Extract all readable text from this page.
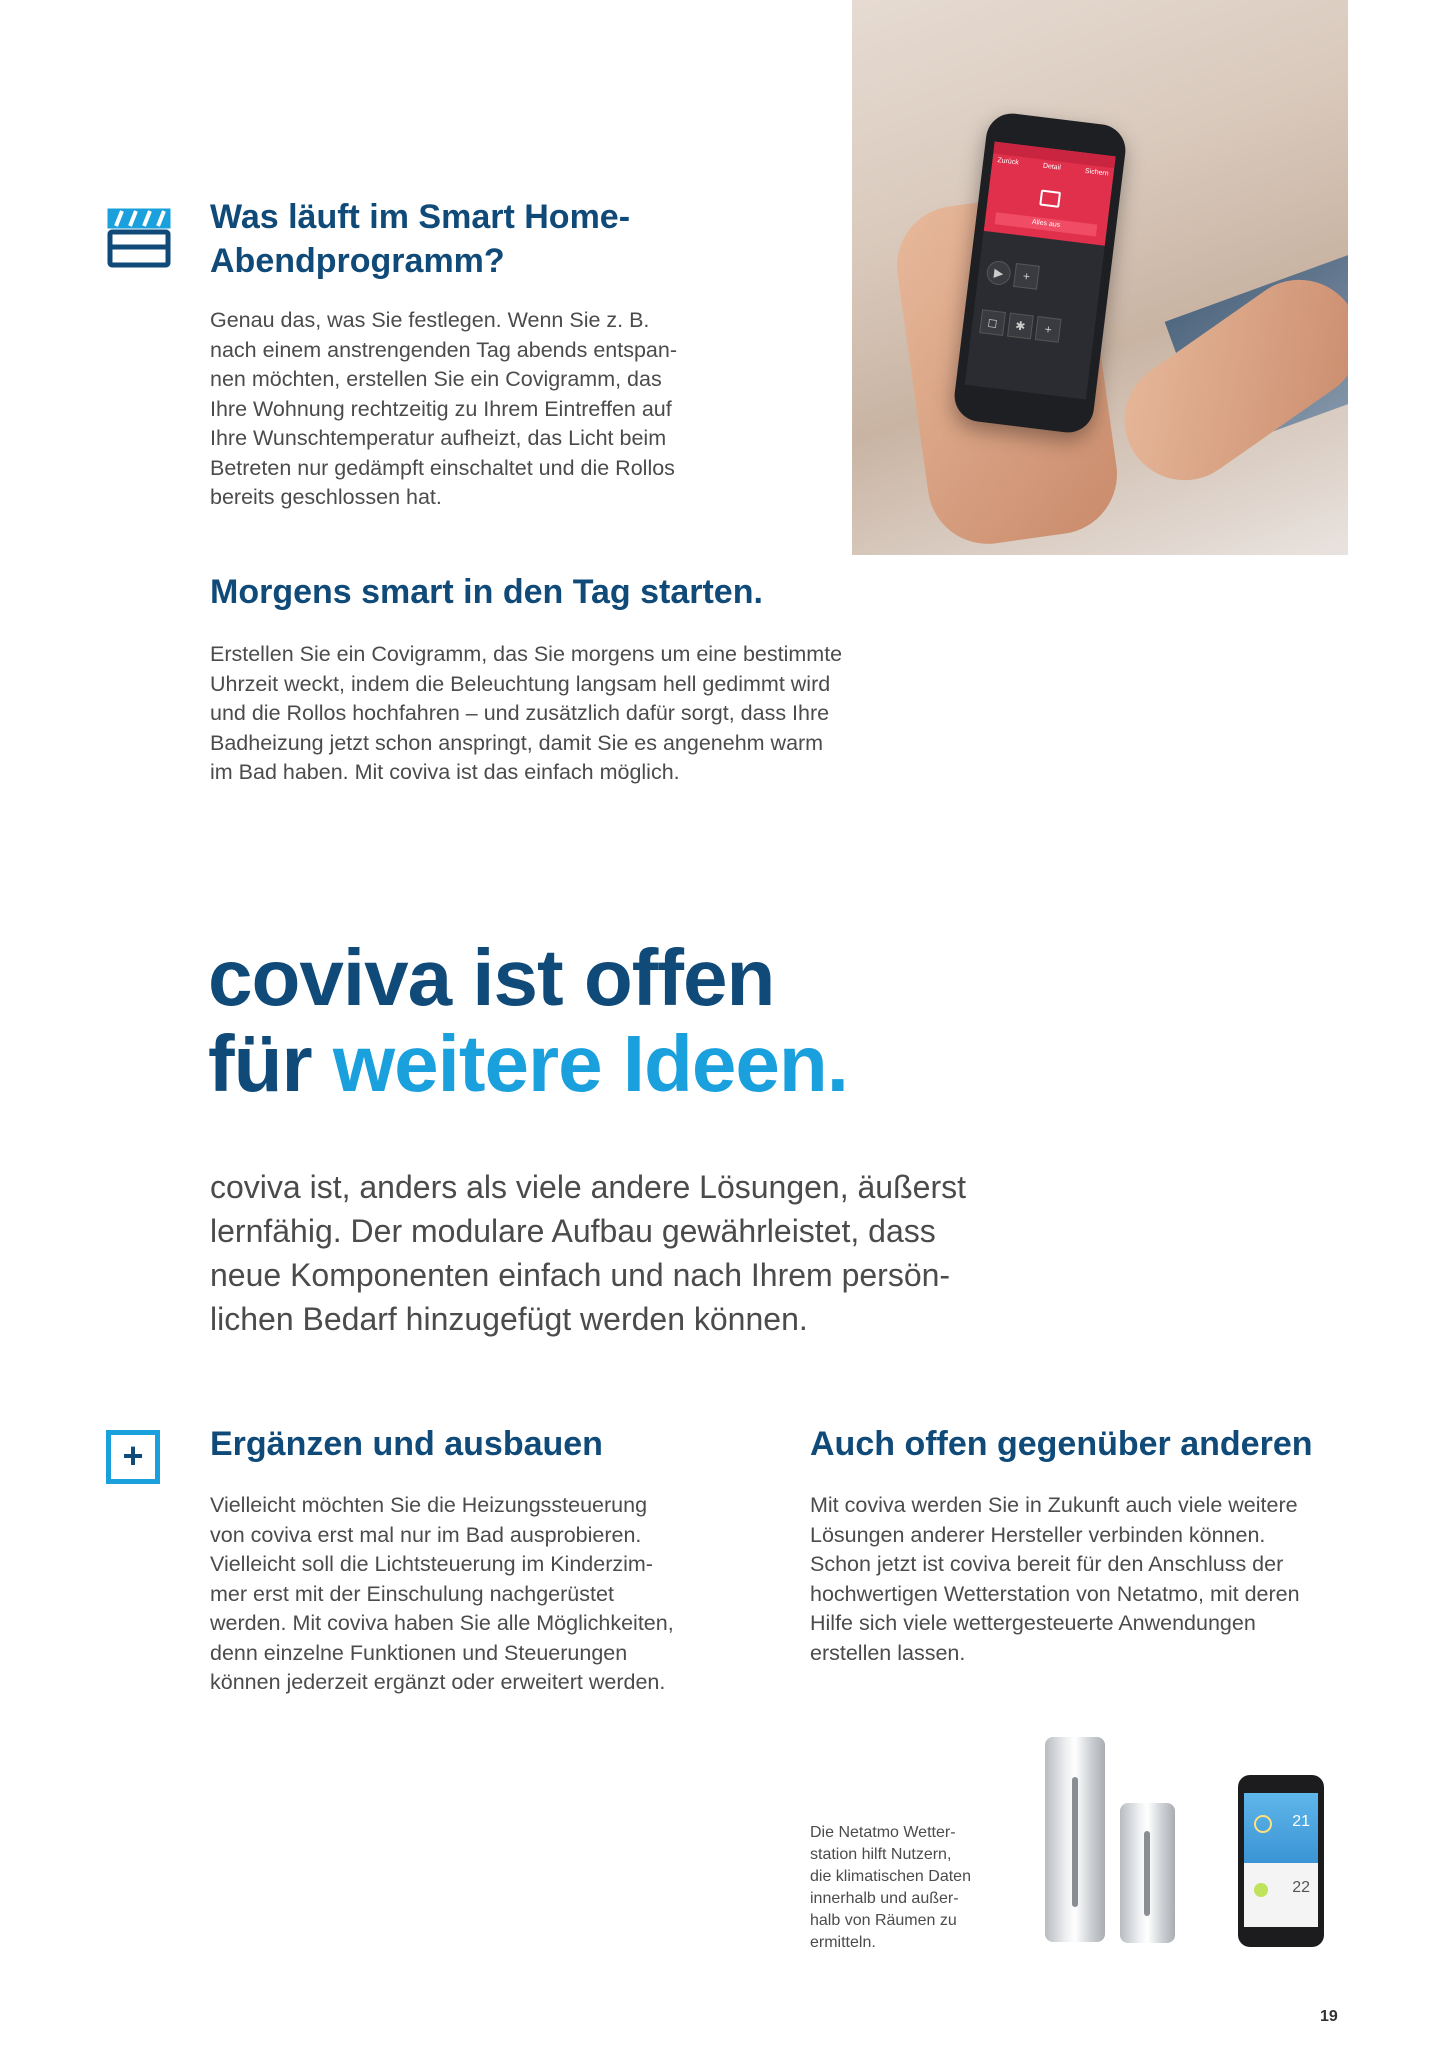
Was läuft im Smart Home-
Abendprogramm?

Genau das, was Sie festlegen. Wenn Sie z. B.

nach einem anstrengenden Tag abends entspan-

nen möchten, erstellen Sie ein Covigramm, das

Ihre Wohnung rechtzeitig zu Ihrem Eintreffen auf

Ihre Wunschtemperatur aufheizt, das Licht beim

Betreten nur gedämpft einschaltet und die Rollos

bereits geschlossen hat.

Zurück
Detail
Sichern
Alles aus
▶	+
◻	✱	+
Morgens smart in den Tag starten.

Erstellen Sie ein Covigramm, das Sie morgens um eine bestimmte

Uhrzeit weckt, indem die Beleuchtung langsam hell gedimmt wird

und die Rollos hochfahren – und zusätzlich dafür sorgt, dass Ihre

Badheizung jetzt schon anspringt, damit Sie es angenehm warm

im Bad haben. Mit coviva ist das einfach möglich.

coviva ist offen

für weitere Ideen.

coviva ist, anders als viele andere Lösungen, äußerst

lernfähig. Der modulare Aufbau gewährleistet, dass

neue Komponenten einfach und nach Ihrem persön-

lichen Bedarf hinzugefügt werden können.

+	Ergänzen und ausbauen

Vielleicht möchten Sie die Heizungssteuerung

von coviva erst mal nur im Bad ausprobieren.

Vielleicht soll die Lichtsteuerung im Kinderzim-

mer erst mit der Einschulung nachgerüstet

werden. Mit coviva haben Sie alle Möglichkeiten,

denn einzelne Funktionen und Steuerungen

können jederzeit ergänzt oder erweitert werden.

Auch offen gegenüber anderen

Mit coviva werden Sie in Zukunft auch viele weitere

Lösungen anderer Hersteller verbinden können.

Schon jetzt ist coviva bereit für den Anschluss der

hochwertigen Wetterstation von Netatmo, mit deren

Hilfe sich viele wettergesteuerte Anwendungen

erstellen lassen.

Die Netatmo Wetter-

station hilft Nutzern,

die klimatischen Daten

innerhalb und außer-

halb von Räumen zu

ermitteln.

21
22
19
